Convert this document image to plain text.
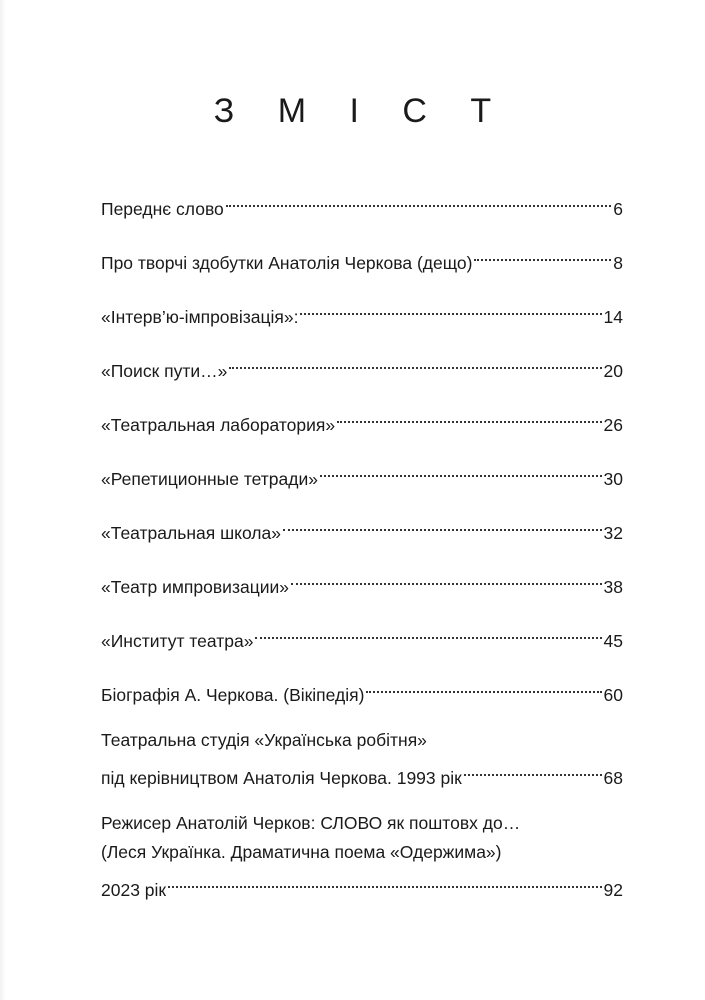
З М І С Т
Переднє слово	6
Про творчі здобутки Анатолія Черкова (дещо)	8
«Інтерв’ю-імпровізація»:	14
«Поиск пути…»	20
«Театральная лаборатория»	26
«Репетиционные тетради»	30
«Театральная школа»	32
«Театр импровизации»	38
«Институт театра»	45
Біографія А. Черкова. (Вікіпедія)	60
Театральна студія «Українська робітня»
під керівництвом Анатолія Черкова. 1993 рік	68
Режисер Анатолій Черков: СЛОВО як поштовх до…
(Леся Українка. Драматична поема «Одержима»)
2023 рік	92
